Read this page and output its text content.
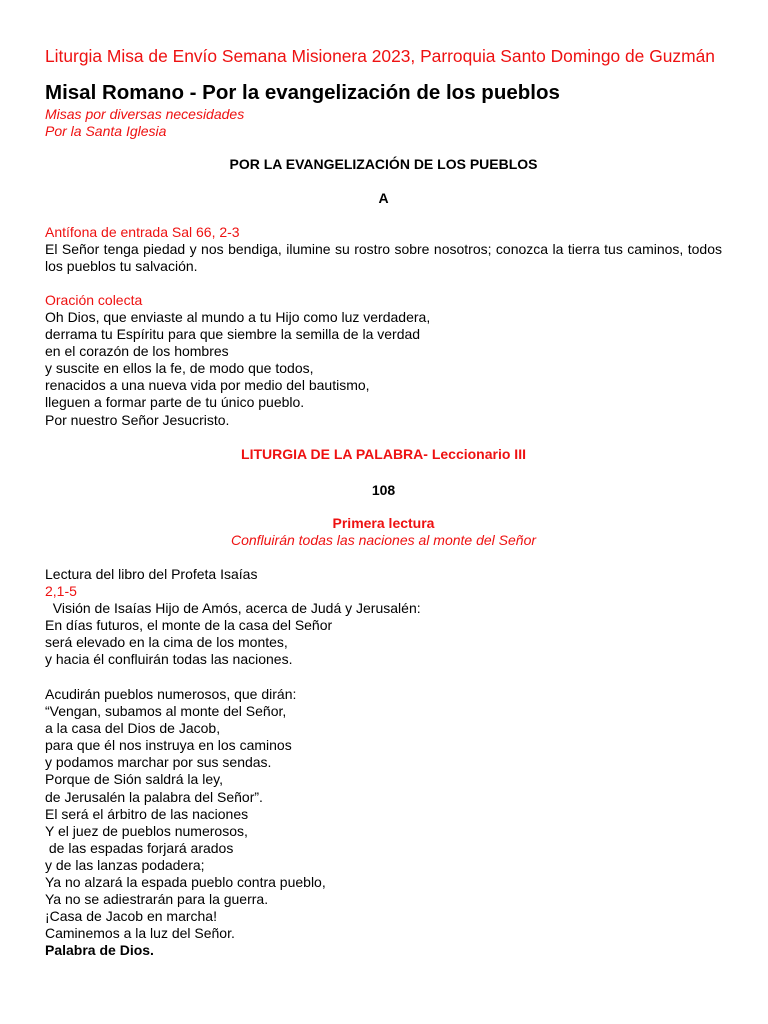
Liturgia Misa de Envío Semana Misionera 2023, Parroquia Santo Domingo de Guzmán
Misal Romano - Por la evangelización de los pueblos
Misas por diversas necesidades
Por la Santa Iglesia
POR LA EVANGELIZACIÓN DE LOS PUEBLOS
A
Antífona de entrada Sal 66, 2-3
El Señor tenga piedad y nos bendiga, ilumine su rostro sobre nosotros; conozca la tierra tus caminos, todos los pueblos tu salvación.
Oración colecta
Oh Dios, que enviaste al mundo a tu Hijo como luz verdadera,
derrama tu Espíritu para que siembre la semilla de la verdad
en el corazón de los hombres
y suscite en ellos la fe, de modo que todos,
renacidos a una nueva vida por medio del bautismo,
lleguen a formar parte de tu único pueblo.
Por nuestro Señor Jesucristo.
LITURGIA DE LA PALABRA- Leccionario III
108
Primera lectura
Confluirán todas las naciones al monte del Señor
Lectura del libro del Profeta Isaías
2,1-5
Visión de Isaías Hijo de Amós, acerca de Judá y Jerusalén:
En días futuros, el monte de la casa del Señor
será elevado en la cima de los montes,
y hacia él confluirán todas las naciones.
Acudirán pueblos numerosos, que dirán:
“Vengan, subamos al monte del Señor,
a la casa del Dios de Jacob,
para que él nos instruya en los caminos
y podamos marchar por sus sendas.
Porque de Sión saldrá la ley,
de Jerusalén la palabra del Señor”.
El será el árbitro de las naciones
Y el juez de pueblos numerosos,
de las espadas forjará arados
y de las lanzas podadera;
Ya no alzará la espada pueblo contra pueblo,
Ya no se adiestrarán para la guerra.
¡Casa de Jacob en marcha!
Caminemos a la luz del Señor.
Palabra de Dios.
